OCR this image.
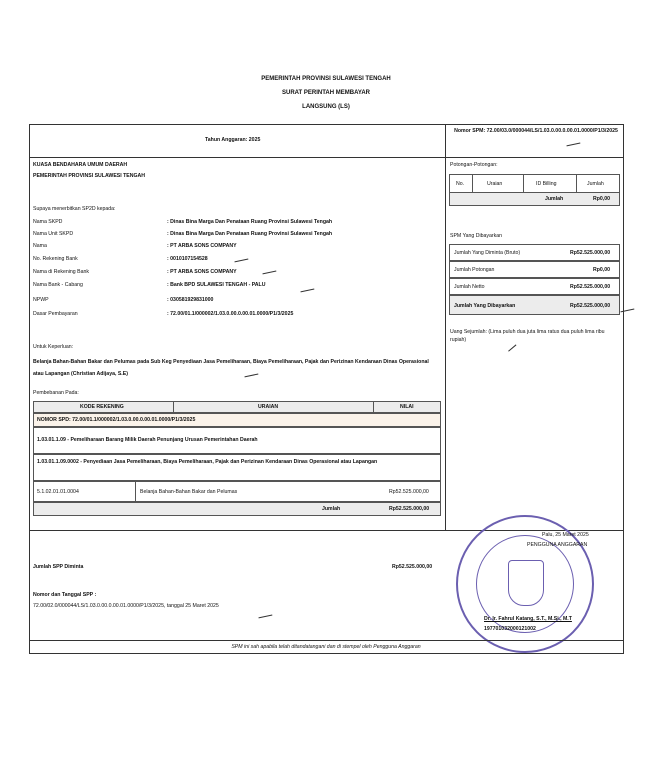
PEMERINTAH PROVINSI SULAWESI TENGAH
SURAT PERINTAH MEMBAYAR
LANGSUNG (LS)
Tahun Anggaran: 2025
Nomor SPM: 72.00/03.0/000044/LS/1.03.0.00.0.00.01.0000/P1/3/2025
KUASA BENDAHARA UMUM DAERAH
PEMERINTAH PROVINSI SULAWESI TENGAH
Supaya menerbitkan SP2D kepada:
Nama SKPD	: Dinas Bina Marga Dan Penataan Ruang Provinsi Sulawesi Tengah
Nama Unit SKPD	: Dinas Bina Marga Dan Penataan Ruang Provinsi Sulawesi Tengah
Nama	: PT ARBA SONS COMPANY
No. Rekening Bank	: 0010107154528
Nama di Rekening Bank	: PT ARBA SONS COMPANY
Nama Bank - Cabang	: Bank BPD SULAWESI TENGAH - PALU
NPWP	: 030581929831000
Dasar Pembayaran	: 72.00/01.1/000002/1.03.0.00.0.00.01.0000/P1/3/2025
Untuk Keperluan:
Belanja Bahan-Bahan Bakar dan Pelumas pada Sub Keg Penyediaan Jasa Pemeliharaan, Biaya Pemeliharaan, Pajak dan Perizinan Kendaraan Dinas Operasional atau Lapangan (Christian Adijaya, S.E)
Pembebanan Pada:
KODE REKENING	URAIAN	NILAI
NOMOR SPD: 72.00/01.1/000002/1.03.0.00.0.00.01.0000/P1/3/2025
1.03.01.1.09 - Pemeliharaan Barang Milik Daerah Penunjang Urusan Pemerintahan Daerah
1.03.01.1.09.0002 - Penyediaan Jasa Pemeliharaan, Biaya Pemeliharaan, Pajak dan Perizinan Kendaraan Dinas Operasional atau Lapangan
5.1.02.01.01.0004	Belanja Bahan-Bahan Bakar dan Pelumas	Rp52.525.000,00
Jumlah	Rp52.525.000,00
Potongan-Potongan:
No.	Uraian	ID Billing	Jumlah
Jumlah	Rp0,00
SPM Yang Dibayarkan
Jumlah Yang Diminta (Bruto)	Rp52.525.000,00
Jumlah Potongan	Rp0,00
Jumlah Netto	Rp52.525.000,00
Jumlah Yang Dibayarkan	Rp52.525.000,00
Uang Sejumlah: (Lima puluh dua juta lima ratus dua puluh lima ribu rupiah)
Jumlah SPP Diminta	Rp52.525.000,00
Nomor dan Tanggal SPP :
72.00/02.0/000044/LS/1.03.0.00.0.00.01.0000/P1/3/2025, tanggal 25 Maret 2025
Palu, 25 Maret 2025
PENGGUNA ANGGARAN
Dr. Ir. Fahrul Katang, S.T., M.Si., M.T
197701032000121002
SPM ini sah apabila telah ditandatangani dan di stempel oleh Pengguna Anggaran
